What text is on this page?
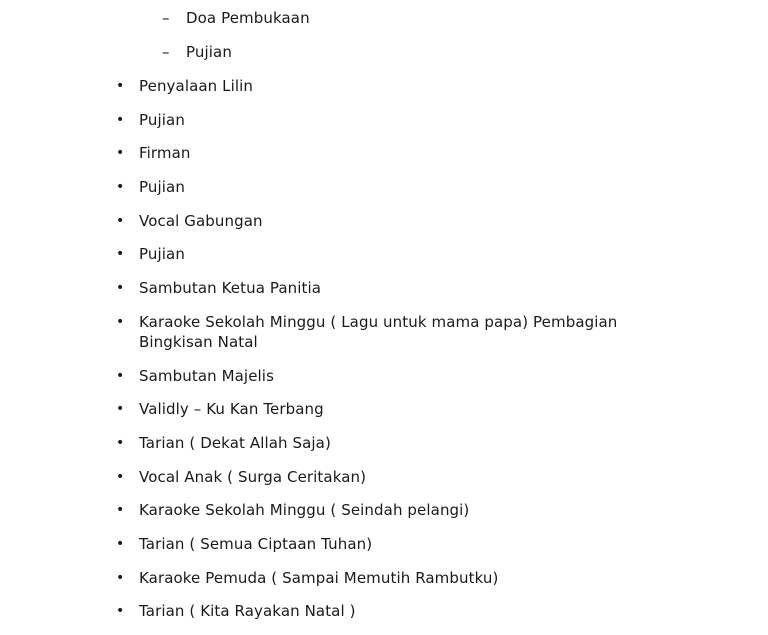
– Doa Pembukaan
– Pujian
• Penyalaan Lilin
• Pujian
• Firman
• Pujian
• Vocal Gabungan
• Pujian
• Sambutan Ketua Panitia
• Karaoke Sekolah Minggu ( Lagu untuk mama papa) Pembagian Bingkisan Natal
• Sambutan Majelis
• Validly – Ku Kan Terbang
• Tarian ( Dekat Allah Saja)
• Vocal Anak ( Surga Ceritakan)
• Karaoke Sekolah Minggu ( Seindah pelangi)
• Tarian ( Semua Ciptaan Tuhan)
• Karaoke Pemuda ( Sampai Memutih Rambutku)
• Tarian ( Kita Rayakan Natal )
